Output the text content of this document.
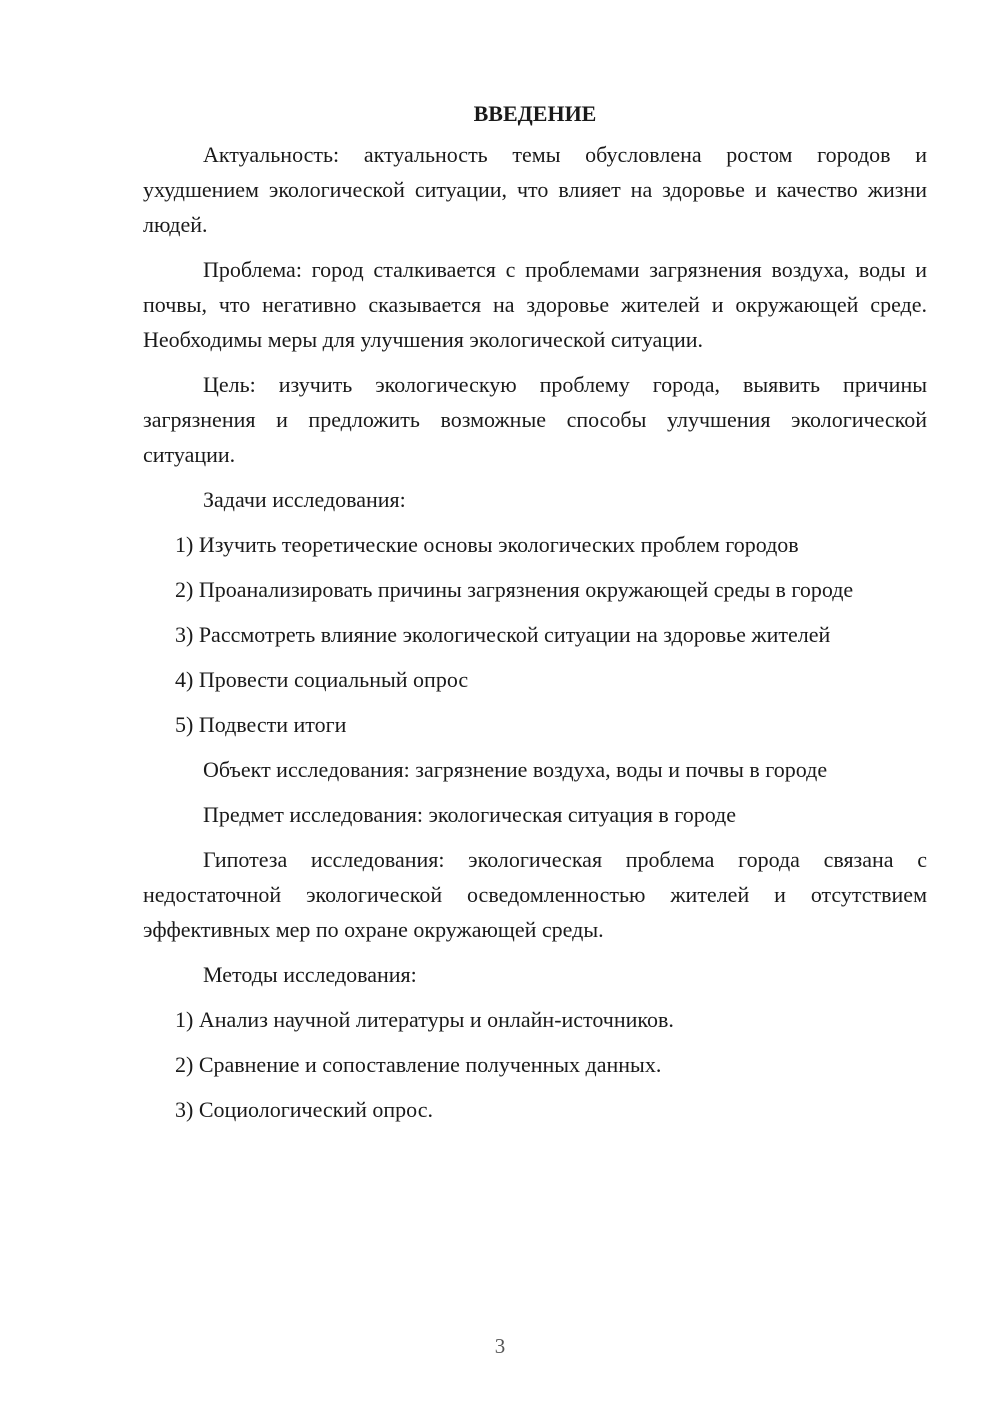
ВВЕДЕНИЕ

Актуальность: актуальность темы обусловлена ростом городов и ухудшением экологической ситуации, что влияет на здоровье и качество жизни людей.

Проблема: город сталкивается с проблемами загрязнения воздуха, воды и почвы, что негативно сказывается на здоровье жителей и окружающей среде. Необходимы меры для улучшения экологической ситуации.

Цель: изучить экологическую проблему города, выявить причины загрязнения и предложить возможные способы улучшения экологической ситуации.

Задачи исследования:

1) Изучить теоретические основы экологических проблем городов

2) Проанализировать причины загрязнения окружающей среды в городе

3) Рассмотреть влияние экологической ситуации на здоровье жителей

4) Провести социальный опрос

5) Подвести итоги

Объект исследования: загрязнение воздуха, воды и почвы в городе

Предмет исследования: экологическая ситуация в городе

Гипотеза исследования: экологическая проблема города связана с недостаточной экологической осведомленностью жителей и отсутствием эффективных мер по охране окружающей среды.

Методы исследования:

1) Анализ научной литературы и онлайн-источников.

2) Сравнение и сопоставление полученных данных.

3) Социологический опрос.

3
